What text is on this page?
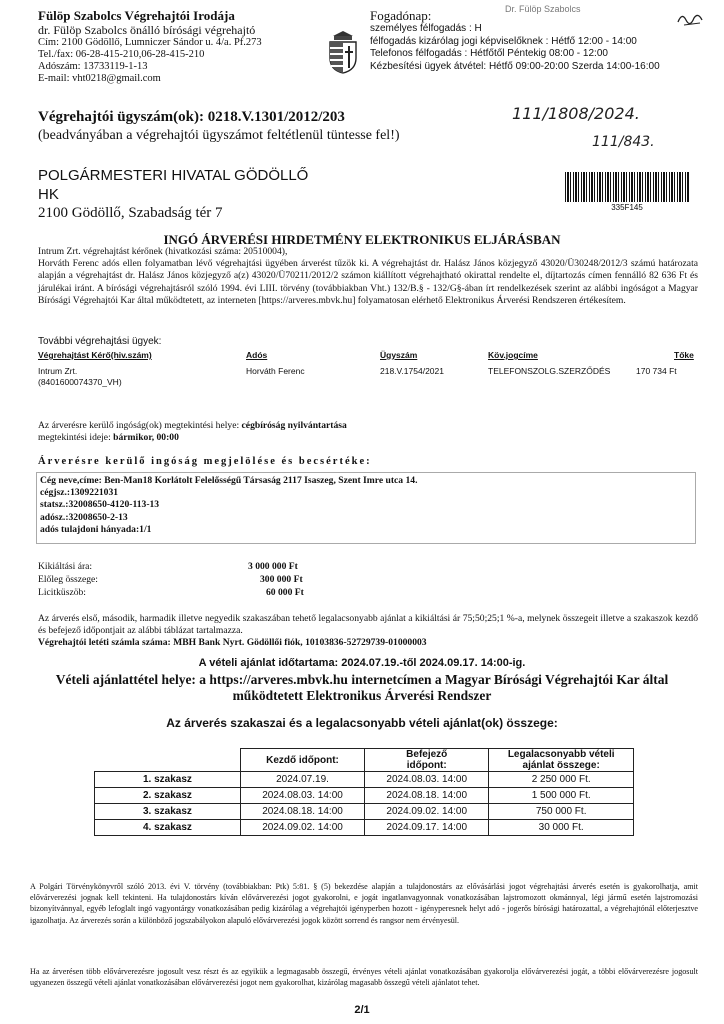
Fülöp Szabolcs Végrehajtói Irodája
dr. Fülöp Szabolcs önálló bírósági végrehajtó
Cím: 2100 Gödöllő, Lumniczer Sándor u. 4/a. Pf.273
Tel./fax: 06-28-415-210,06-28-415-210
Adószám: 13733119-1-13
E-mail: vht0218@gmail.com
Fogadónap:
személyes félfogadás : H
félfogadás kizárólag jogi képviselőknek : Hétfő 12:00 - 14:00
Telefonos félfogadás : Hétfőtől Péntekig 08:00 - 12:00
Kézbesítési ügyek átvétel: Hétfő 09:00-20:00 Szerda 14:00-16:00
Dr. Fülöp Szabolcs
Végrehajtói ügyszám(ok): 0218.V.1301/2012/203
(beadványában a végrehajtói ügyszámot feltétlenül tüntesse fel!)
111/1808/2024.
111/843.
POLGÁRMESTERI HIVATAL GÖDÖLLŐ
HK
2100 Gödöllő, Szabadság tér 7	335F145
INGÓ ÁRVERÉSI HIRDETMÉNY ELEKTRONIKUS ELJÁRÁSBAN
Intrum Zrt. végrehajtást kérőnek (hivatkozási száma: 20510004),
Horváth Ferenc adós ellen folyamatban lévő végrehajtási ügyében árverést tűzök ki. A végrehajtást dr. Halász János közjegyző 43020/Ü30248/2012/3 számú határozata alapján a végrehajtást dr. Halász János közjegyző a(z) 43020/Ü70211/2012/2 számon kiállított végrehajtható okirattal rendelte el, díjtartozás címen fennálló 82 636 Ft és járulékai iránt. A bírósági végrehajtásról szóló 1994. évi LIII. törvény (továbbiakban Vht.) 132/B.§ - 132/G§-ában írt rendelkezések szerint az alábbi ingóságot a Magyar Bírósági Végrehajtói Kar által működtetett, az interneten [https://arveres.mbvk.hu] folyamatosan elérhető Elektronikus Árverési Rendszeren értékesítem.
További végrehajtási ügyek:
Végrehajtást Kérő(hiv.szám)	Adós	Ügyszám	Köv.jogcíme	Tőke
Intrum Zrt.
(8401600074370_VH)
Horváth Ferenc	218.V.1754/2021	TELEFONSZOLG.SZERZŐDÉS	170 734 Ft
Az árverésre kerülő ingóság(ok) megtekintési helye: cégbíróság nyilvántartása
megtekintési ideje: bármikor, 00:00
Árverésre kerülő ingóság megjelölése és becsértéke:
Cég neve,címe: Ben-Man18 Korlátolt Felelősségű Társaság 2117 Isaszeg, Szent Imre utca 14.
cégjsz.:1309221031
statsz.:32008650-4120-113-13
adósz.:32008650-2-13
adós tulajdoni hányada:1/1
Kikiáltási ára:	3 000 000 Ft
Előleg összege:	300 000 Ft
Licitküszöb:	60 000 Ft
Az árverés első, második, harmadik illetve negyedik szakaszában tehető legalacsonyabb ajánlat a kikiáltási ár 75;50;25;1 %-a, melynek összegeit illetve a szakaszok kezdő és befejező időpontjait az alábbi táblázat tartalmazza.
Végrehajtói letéti számla száma: MBH Bank Nyrt. Gödöllői fiók, 10103836-52729739-01000003
A vételi ajánlat időtartama: 2024.07.19.-től 2024.09.17. 14:00-ig.
Vételi ajánlattétel helye: a https://arveres.mbvk.hu internetcímen a Magyar Bírósági Végrehajtói Kar által
működtetett Elektronikus Árverési Rendszer
Az árverés szakaszai és a legalacsonyabb vételi ajánlat(ok) összege:
	Kezdő időpont:	Befejező
időpont:	Legalacsonyabb vételi
ajánlat összege:
1. szakasz	2024.07.19.	2024.08.03. 14:00	2 250 000 Ft.
2. szakasz	2024.08.03. 14:00	2024.08.18. 14:00	1 500 000 Ft.
3. szakasz	2024.08.18. 14:00	2024.09.02. 14:00	750 000 Ft.
4. szakasz	2024.09.02. 14:00	2024.09.17. 14:00	30 000 Ft.
A Polgári Törvénykönyvről szóló 2013. évi V. törvény (továbbiakban: Ptk) 5:81. § (5) bekezdése alapján a tulajdonostárs az elővásárlási jogot végrehajtási árverés esetén is gyakorolhatja, amit elővárverezési jognak kell tekinteni. Ha tulajdonostárs kíván elővárverezési jogot gyakorolni, e jogát ingatlanvagyonnak vonatkozásában lajstromozott okmánnyal, légi jármű esetén lajstromozási bizonyítvánnyal, egyéb lefoglalt ingó vagyontárgy vonatkozásában pedig kizárólag a végrehajtói igényperben hozott - igényperesnek helyt adó - jogerős bírósági határozattal, a végrehajtónál előterjesztve igazolhatja. Az árverezés során a különböző jogszabályokon alapuló elővárverezési jogok között sorrend és rangsor nem érvényesül.
Ha az árverésen több elővárverezésre jogosult vesz részt és az egyikük a legmagasabb összegű, érvényes vételi ajánlat vonatkozásában gyakorolja elővárverezési jogát, a többi elővárverezésre jogosult ugyanezen összegű vételi ajánlat vonatkozásában elővárverezési jogot nem gyakorolhat, kizárólag magasabb összegű vételi ajánlatot tehet.
2/1
